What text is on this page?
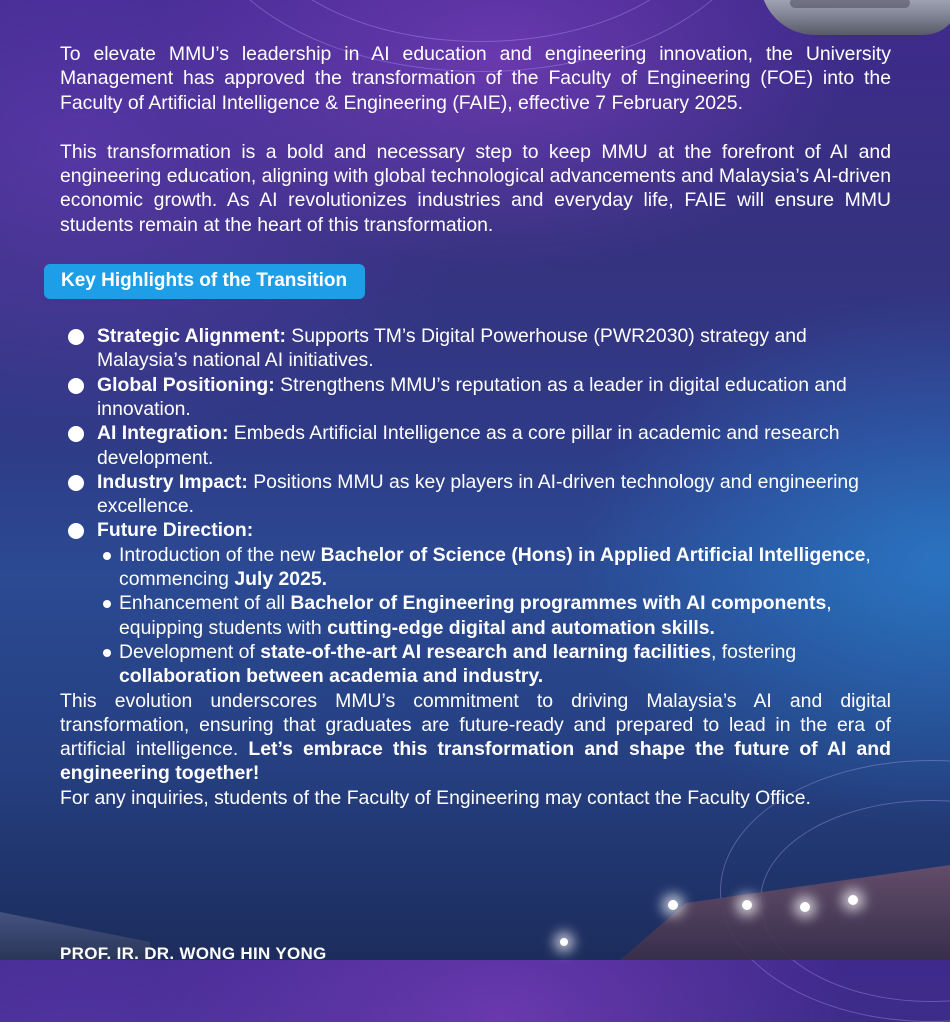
To elevate MMU’s leadership in AI education and engineering innovation, the University Management has approved the transformation of the Faculty of Engineering (FOE) into the Faculty of Artificial Intelligence & Engineering (FAIE), effective 7 February 2025.

This transformation is a bold and necessary step to keep MMU at the forefront of AI and engineering education, aligning with global technological advancements and Malaysia’s AI-driven economic growth. As AI revolutionizes industries and everyday life, FAIE will ensure MMU students remain at the heart of this transformation.

Key Highlights of the Transition
Strategic Alignment: Supports TM’s Digital Powerhouse (PWR2030) strategy and Malaysia’s national AI initiatives.
Global Positioning: Strengthens MMU’s reputation as a leader in digital education and innovation.
AI Integration: Embeds Artificial Intelligence as a core pillar in academic and research development.
Industry Impact: Positions MMU as key players in AI-driven technology and engineering excellence.
Future Direction:
Introduction of the new Bachelor of Science (Hons) in Applied Artificial Intelligence, commencing July 2025.
Enhancement of all Bachelor of Engineering programmes with AI components, equipping students with cutting-edge digital and automation skills.
Development of state-of-the-art AI research and learning facilities, fostering collaboration between academia and industry.

This evolution underscores MMU’s commitment to driving Malaysia’s AI and digital transformation, ensuring that graduates are future-ready and prepared to lead in the era of artificial intelligence. Let’s embrace this transformation and shape the future of AI and engineering together!

For any inquiries, students of the Faculty of Engineering may contact the Faculty Office.

PROF. IR. DR. WONG HIN YONG
